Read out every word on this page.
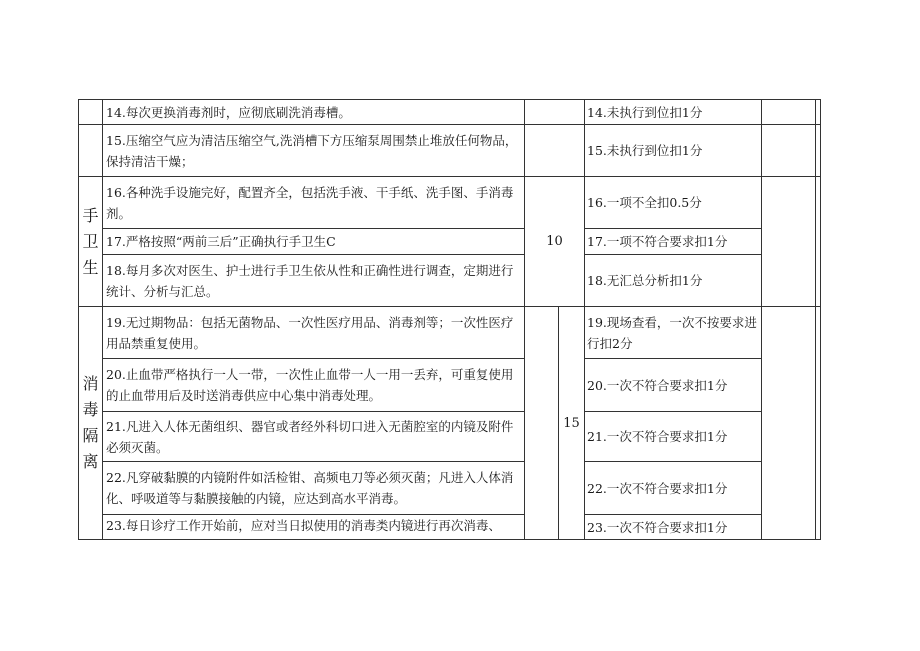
	14.每次更换消毒剂时，应彻底刷洗消毒槽。			14.未执行到位扣1分		
	15.压缩空气应为清洁压缩空气,洗消槽下方压缩泵周围禁止堆放任何物品，保持清洁干燥；			15.未执行到位扣1分		
手卫生	16.各种洗手设施完好，配置齐全，包括洗手液、干手纸、洗手图、手消毒剂。	10		16.一项不全扣0.5分		
	17.严格按照“两前三后”正确执行手卫生C			17.一项不符合要求扣1分		
	18.每月多次对医生、护士进行手卫生依从性和正确性进行调查，定期进行统计、分析与汇总。			18.无汇总分析扣1分		
消毒隔离	19.无过期物品：包括无菌物品、一次性医疗用品、消毒剂等；一次性医疗用品禁重复使用。		15	19.现场查看，一次不按要求进行扣2分		
	20.止血带严格执行一人一带，一次性止血带一人一用一丢弃，可重复使用的止血带用后及时送消毒供应中心集中消毒处理。			20.一次不符合要求扣1分		
	21.凡进入人体无菌组织、器官或者经外科切口进入无菌腔室的内镜及附件必须灭菌。			21.一次不符合要求扣1分		
	22.凡穿破黏膜的内镜附件如活检钳、高频电刀等必须灭菌；凡进入人体消化、呼吸道等与黏膜接触的内镜，应达到高水平消毒。			22.一次不符合要求扣1分		
	23.每日诊疗工作开始前，应对当日拟使用的消毒类内镜进行再次消毒、			23.一次不符合要求扣1分		
